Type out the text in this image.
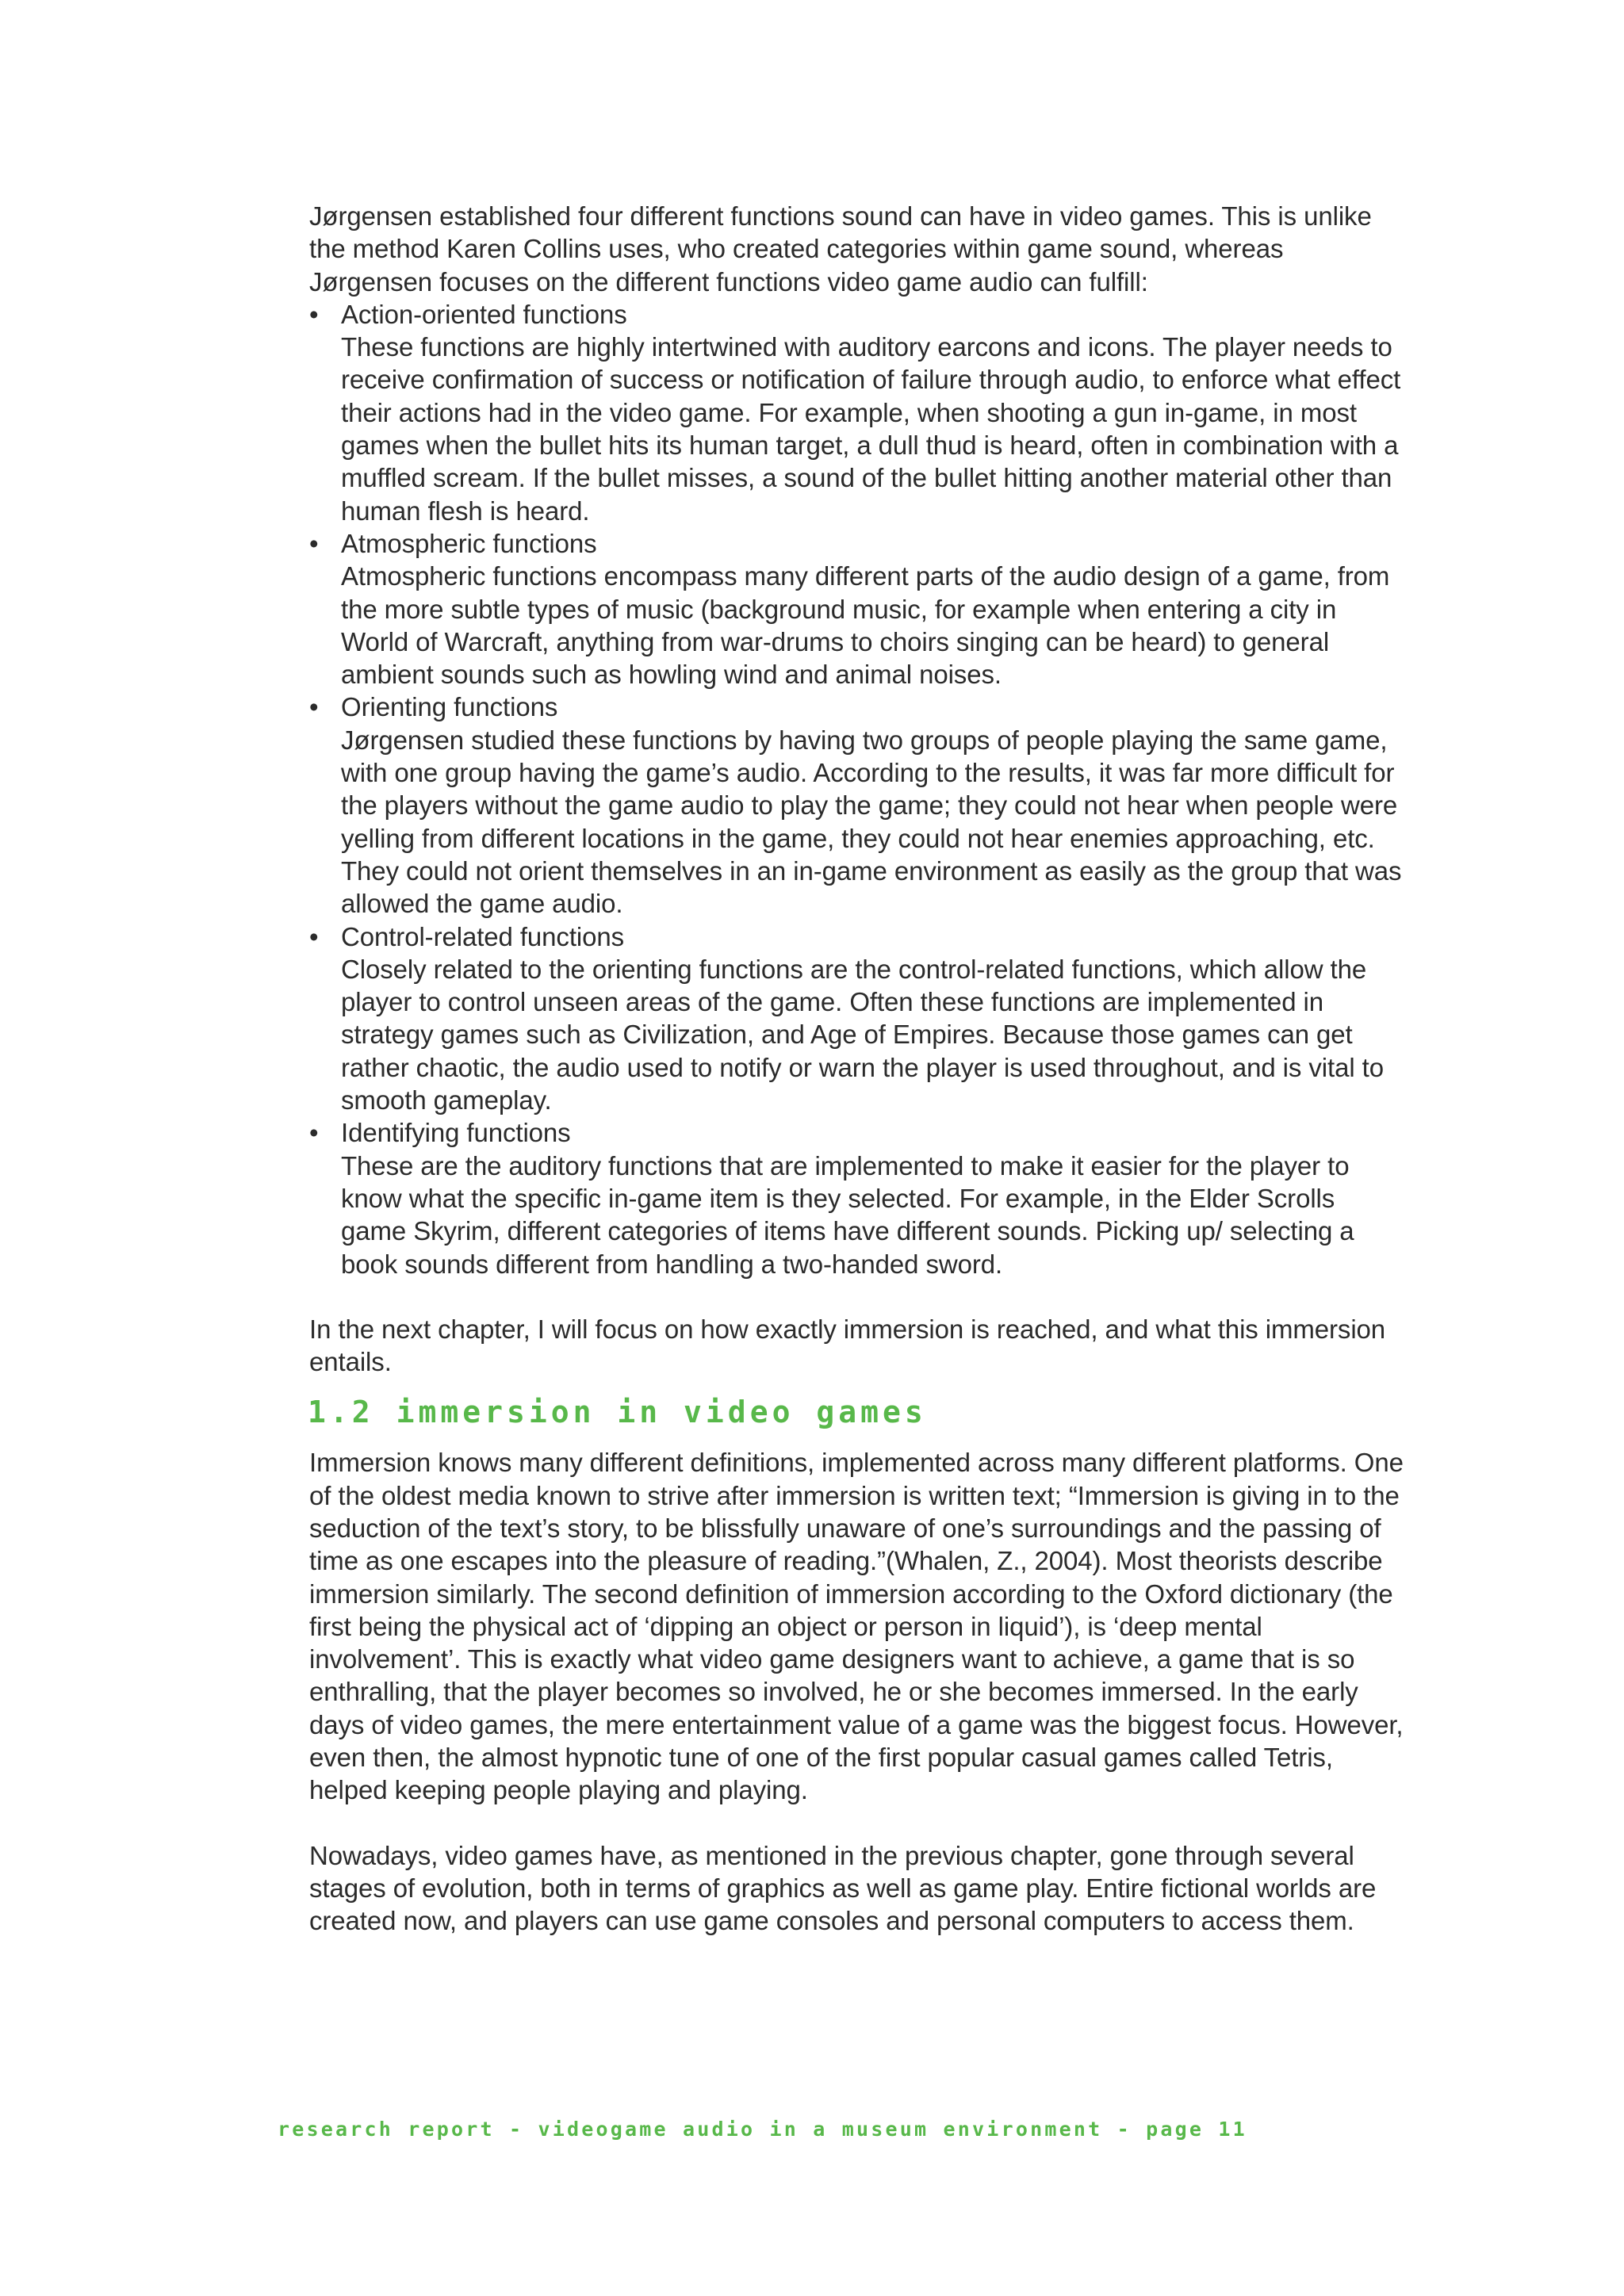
Jørgensen established four different functions sound can have in video games. This is unlike the method Karen Collins uses, who created categories within game sound, whereas Jørgensen focuses on the different functions video game audio can fulfill:

• Action-oriented functions
These functions are highly intertwined with auditory earcons and icons. The player needs to receive confirmation of success or notification of failure through audio, to enforce what effect their actions had in the video game. For example, when shooting a gun in-game, in most games when the bullet hits its human target, a dull thud is heard, often in combination with a muffled scream. If the bullet misses, a sound of the bullet hitting another material other than human flesh is heard.
• Atmospheric functions
Atmospheric functions encompass many different parts of the audio design of a game, from the more subtle types of music (background music, for example when entering a city in World of Warcraft, anything from war-drums to choirs singing can be heard) to general ambient sounds such as howling wind and animal noises.
• Orienting functions
Jørgensen studied these functions by having two groups of people playing the same game, with one group having the game’s audio. According to the results, it was far more difficult for the players without the game audio to play the game; they could not hear when people were yelling from different locations in the game, they could not hear enemies approaching, etc. They could not orient themselves in an in-game environment as easily as the group that was allowed the game audio.
• Control-related functions
Closely related to the orienting functions are the control-related functions, which allow the player to control unseen areas of the game. Often these functions are implemented in strategy games such as Civilization, and Age of Empires. Because those games can get rather chaotic, the audio used to notify or warn the player is used throughout, and is vital to smooth gameplay.
• Identifying functions
These are the auditory functions that are implemented to make it easier for the player to know what the specific in-game item is they selected. For example, in the Elder Scrolls game Skyrim, different categories of items have different sounds. Picking up/ selecting a book sounds different from handling a two-handed sword.

In the next chapter, I will focus on how exactly immersion is reached, and what this immersion entails.

1.2 immersion in video games

Immersion knows many different definitions, implemented across many different platforms. One of the oldest media known to strive after immersion is written text; “Immersion is giving in to the seduction of the text’s story, to be blissfully unaware of one’s surroundings and the passing of time as one escapes into the pleasure of reading.”(Whalen, Z., 2004). Most theorists describe immersion similarly. The second definition of immersion according to the Oxford dictionary (the first being the physical act of ‘dipping an object or person in liquid’), is ‘deep mental involvement’. This is exactly what video game designers want to achieve, a game that is so enthralling, that the player becomes so involved, he or she becomes immersed. In the early days of video games, the mere entertainment value of a game was the biggest focus. However, even then, the almost hypnotic tune of one of the first popular casual games called Tetris, helped keeping people playing and playing.

Nowadays, video games have, as mentioned in the previous chapter, gone through several stages of evolution, both in terms of graphics as well as game play. Entire fictional worlds are created now, and players can use game consoles and personal computers to access them.

research report - videogame audio in a museum environment - page 11
